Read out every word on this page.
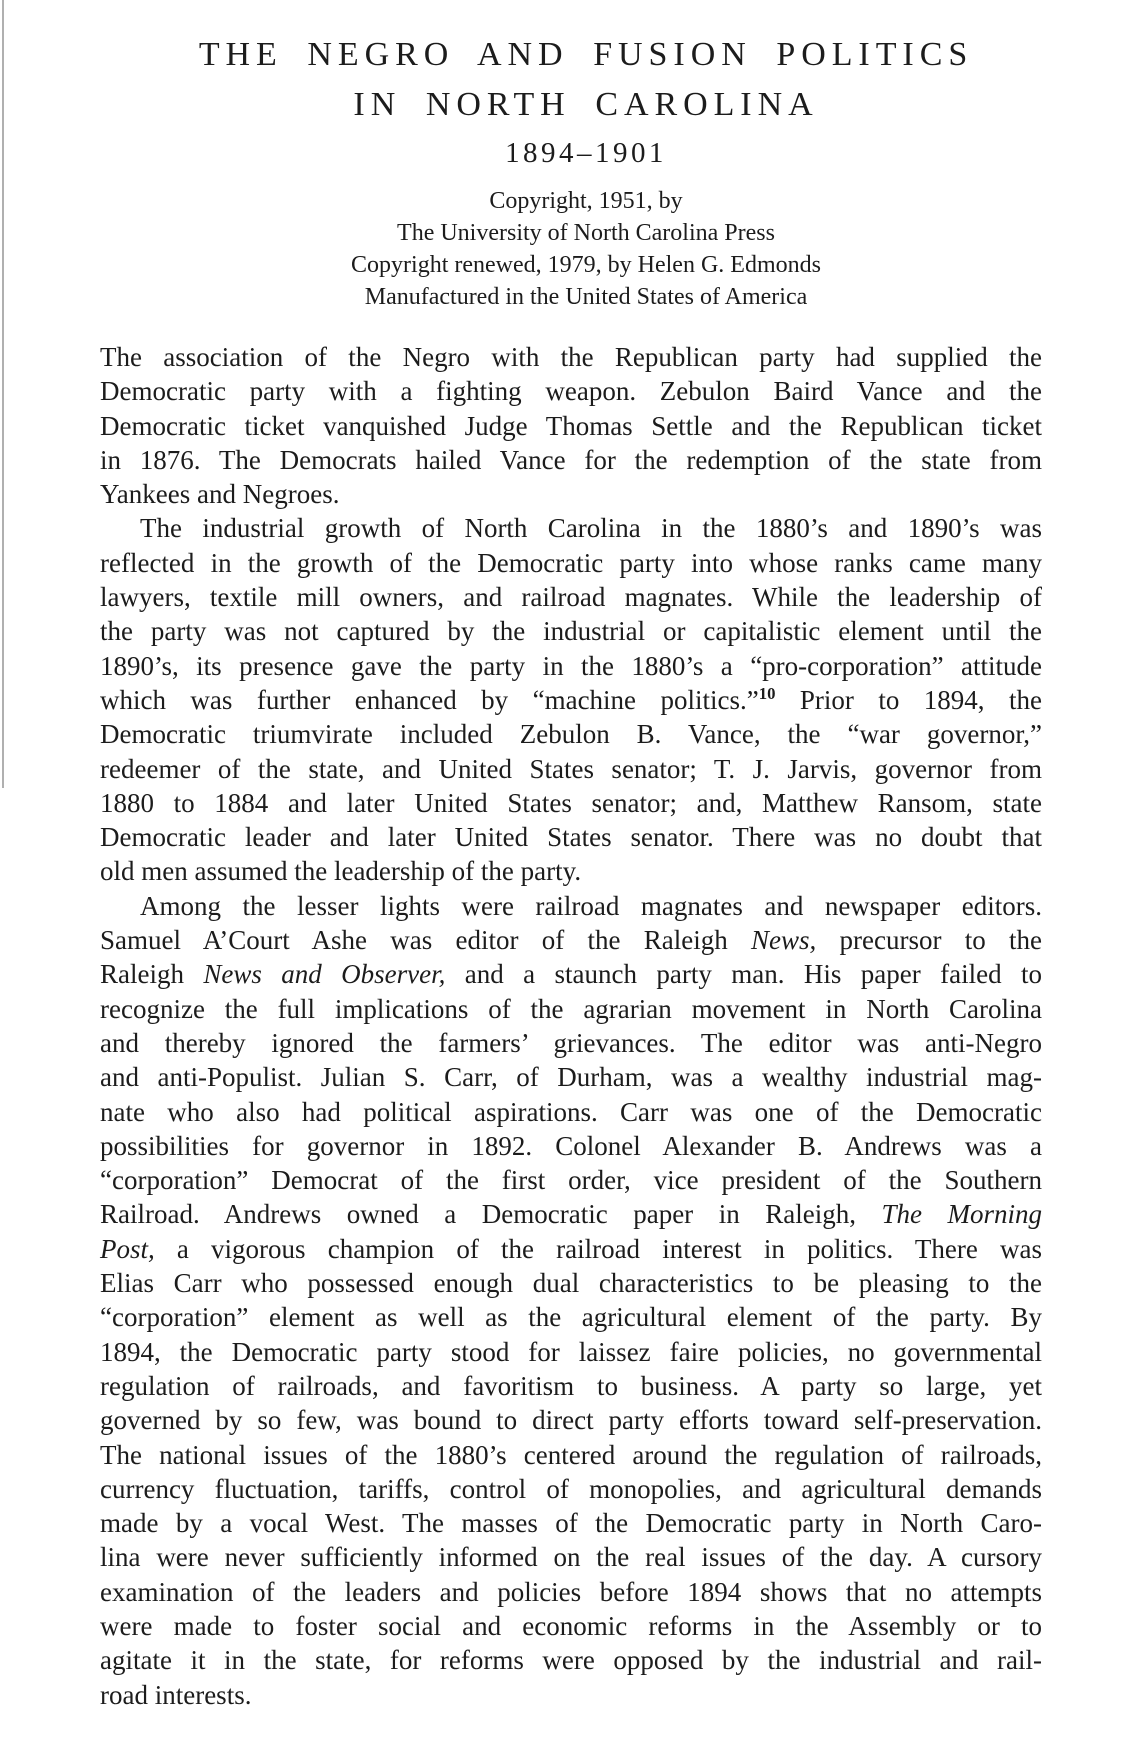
THE NEGRO AND FUSION POLITICS
IN NORTH CAROLINA
1894–1901
Copyright, 1951, by
The University of North Carolina Press
Copyright renewed, 1979, by Helen G. Edmonds
Manufactured in the United States of America
The association of the Negro with the Republican party had supplied the
Democratic party with a fighting weapon. Zebulon Baird Vance and the
Democratic ticket vanquished Judge Thomas Settle and the Republican ticket
in 1876. The Democrats hailed Vance for the redemption of the state from
Yankees and Negroes.
The industrial growth of North Carolina in the 1880’s and 1890’s was
reflected in the growth of the Democratic party into whose ranks came many
lawyers, textile mill owners, and railroad magnates. While the leadership of
the party was not captured by the industrial or capitalistic element until the
1890’s, its presence gave the party in the 1880’s a “pro-corporation” attitude
which was further enhanced by “machine politics.”$^{10}$ Prior to 1894, the
Democratic triumvirate included Zebulon B. Vance, the “war governor,”
redeemer of the state, and United States senator; T. J. Jarvis, governor from
1880 to 1884 and later United States senator; and, Matthew Ransom, state
Democratic leader and later United States senator. There was no doubt that
old men assumed the leadership of the party.
Among the lesser lights were railroad magnates and newspaper editors.
Samuel A’Court Ashe was editor of the Raleigh News, precursor to the
Raleigh News and Observer, and a staunch party man. His paper failed to
recognize the full implications of the agrarian movement in North Carolina
and thereby ignored the farmers’ grievances. The editor was anti-Negro
and anti-Populist. Julian S. Carr, of Durham, was a wealthy industrial mag-
nate who also had political aspirations. Carr was one of the Democratic
possibilities for governor in 1892. Colonel Alexander B. Andrews was a
“corporation” Democrat of the first order, vice president of the Southern
Railroad. Andrews owned a Democratic paper in Raleigh, The Morning
Post, a vigorous champion of the railroad interest in politics. There was
Elias Carr who possessed enough dual characteristics to be pleasing to the
“corporation” element as well as the agricultural element of the party. By
1894, the Democratic party stood for laissez faire policies, no governmental
regulation of railroads, and favoritism to business. A party so large, yet
governed by so few, was bound to direct party efforts toward self-preservation.
The national issues of the 1880’s centered around the regulation of railroads,
currency fluctuation, tariffs, control of monopolies, and agricultural demands
made by a vocal West. The masses of the Democratic party in North Caro-
lina were never sufficiently informed on the real issues of the day. A cursory
examination of the leaders and policies before 1894 shows that no attempts
were made to foster social and economic reforms in the Assembly or to
agitate it in the state, for reforms were opposed by the industrial and rail-
road interests.
